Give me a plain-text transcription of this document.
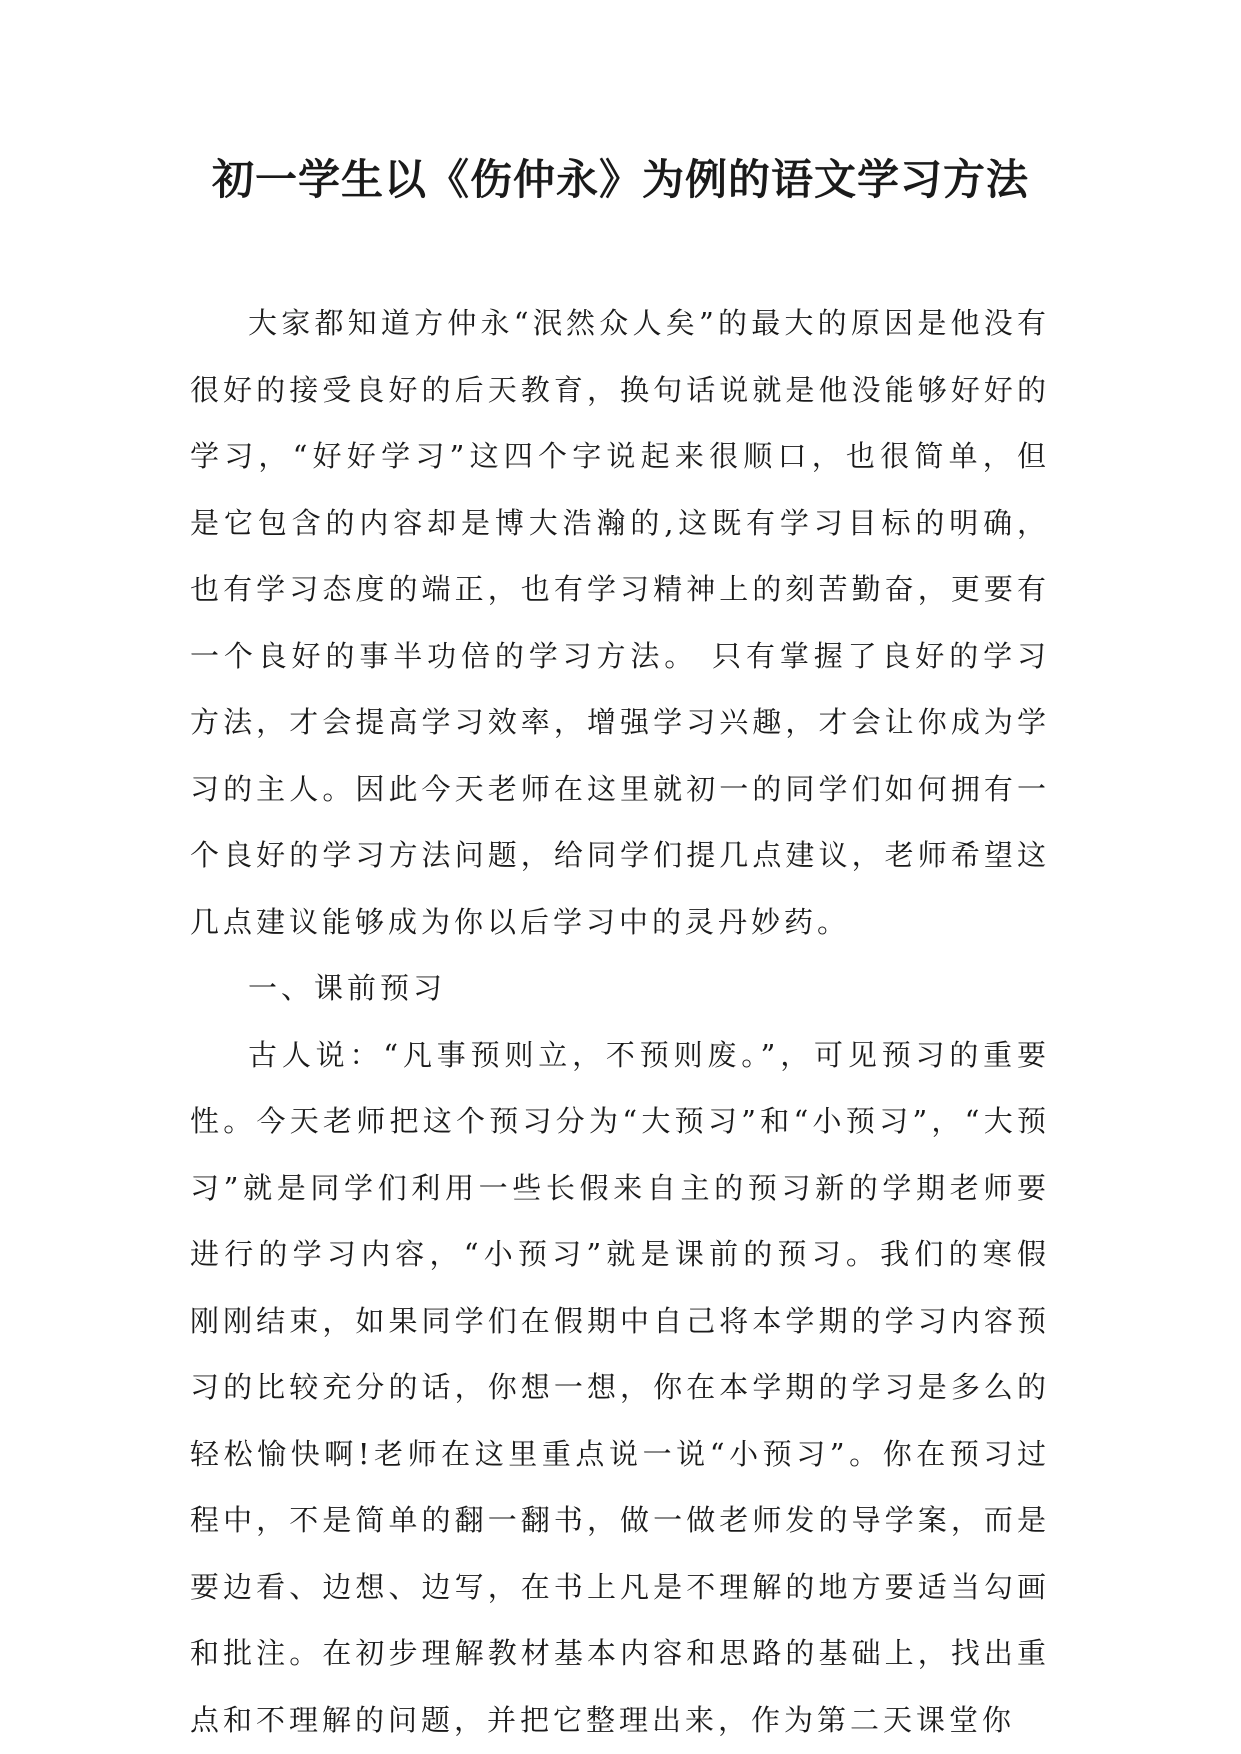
初一学生以《伤仲永》为例的语文学习方法

大家都知道方仲永“泯然众人矣”的最大的原因是他没有很好的接受良好的后天教育，换句话说就是他没能够好好的学习，“好好学习”这四个字说起来很顺口，也很简单，但是它包含的内容却是博大浩瀚的,这既有学习目标的明确，也有学习态度的端正，也有学习精神上的刻苦勤奋，更要有一个良好的事半功倍的学习方法。 只有掌握了良好的学习方法，才会提高学习效率，增强学习兴趣，才会让你成为学习的主人。因此今天老师在这里就初一的同学们如何拥有一个良好的学习方法问题，给同学们提几点建议，老师希望这几点建议能够成为你以后学习中的灵丹妙药。

一、课前预习

古人说：“凡事预则立，不预则废。”，可见预习的重要性。今天老师把这个预习分为“大预习”和“小预习”，“大预习”就是同学们利用一些长假来自主的预习新的学期老师要进行的学习内容，“小预习”就是课前的预习。我们的寒假刚刚结束，如果同学们在假期中自己将本学期的学习内容预习的比较充分的话，你想一想，你在本学期的学习是多么的轻松愉快啊!老师在这里重点说一说“小预习”。你在预习过程中，不是简单的翻一翻书，做一做老师发的导学案，而是要边看、边想、边写，在书上凡是不理解的地方要适当勾画和批注。在初步理解教材基本内容和思路的基础上，找出重点和不理解的问题，并把它整理出来，作为第二天课堂你
